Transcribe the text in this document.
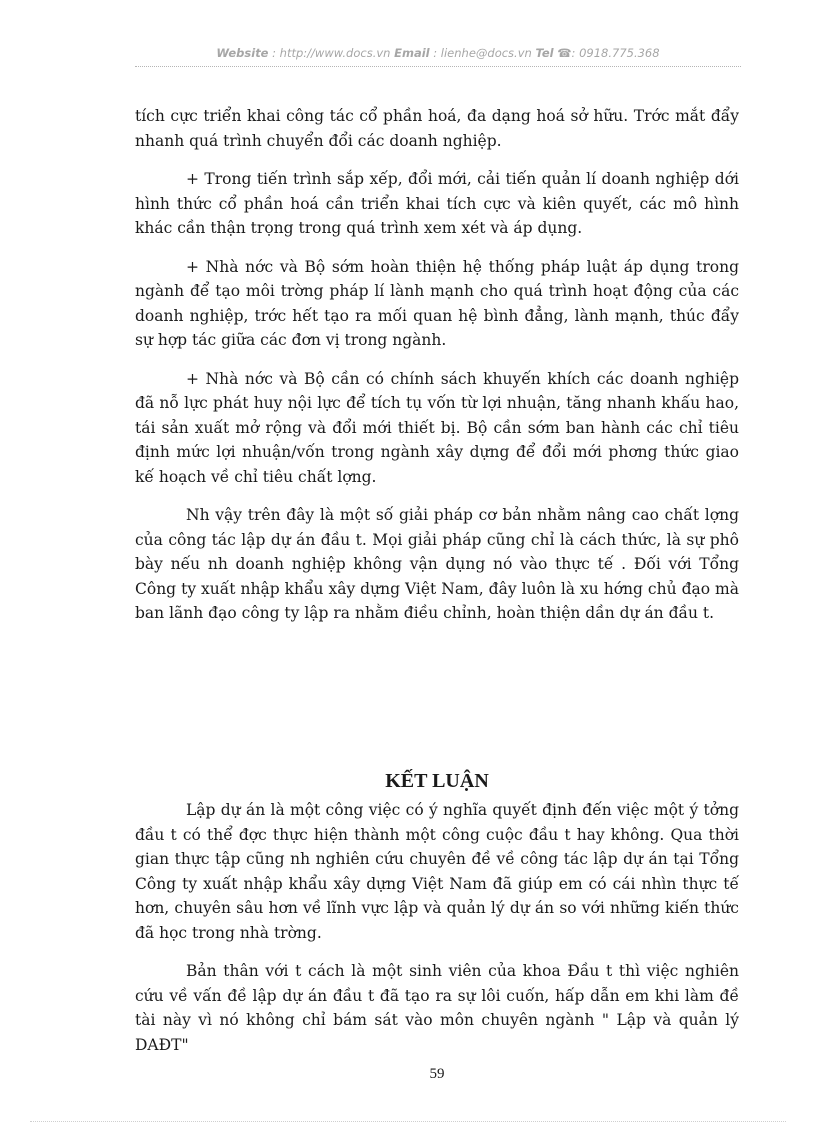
Website : http://www.docs.vn Email : lienhe@docs.vn Tel ☎: 0918.775.368

tích cực triển khai công tác cổ phần hoá, đa dạng hoá sở hữu. Trớc mắt đẩy nhanh quá trình chuyển đổi các doanh nghiệp.

+ Trong tiến trình sắp xếp, đổi mới, cải tiến quản lí doanh nghiệp dới hình thức cổ phần hoá cần triển khai tích cực và kiên quyết, các mô hình khác cần thận trọng trong quá trình xem xét và áp dụng.

+ Nhà nớc và Bộ sớm hoàn thiện hệ thống pháp luật áp dụng trong ngành để tạo môi trờng pháp lí lành mạnh cho quá trình hoạt động của các doanh nghiệp, trớc hết tạo ra mối quan hệ bình đẳng, lành mạnh, thúc đẩy sự hợp tác giữa các đơn vị trong ngành.

+ Nhà nớc và Bộ cần có chính sách khuyến khích các doanh nghiệp đã nỗ lực phát huy nội lực để tích tụ vốn từ lợi nhuận, tăng nhanh khấu hao, tái sản xuất mở rộng và đổi mới thiết bị. Bộ cần sớm ban hành các chỉ tiêu định mức lợi nhuận/vốn trong ngành xây dựng để đổi mới phơng thức giao kế hoạch về chỉ tiêu chất lợng.

Nh vậy trên đây là một số giải pháp cơ bản nhằm nâng cao chất lợng của công tác lập dự án đầu t. Mọi giải pháp cũng chỉ là cách thức, là sự phô bày nếu nh doanh nghiệp không vận dụng nó vào thực tế . Đối với Tổng Công ty xuất nhập khẩu xây dựng Việt Nam, đây luôn là xu hớng chủ đạo mà ban lãnh đạo công ty lập ra nhằm điều chỉnh, hoàn thiện dần dự án đầu t.

KẾT LUẬN

Lập dự án là một công việc có ý nghĩa quyết định đến việc một ý tởng đầu t có thể đợc thực hiện thành một công cuộc đầu t hay không. Qua thời gian thực tập cũng nh nghiên cứu chuyên đề về công tác lập dự án tại Tổng Công ty xuất nhập khẩu xây dựng Việt Nam đã giúp em có cái nhìn thực tế hơn, chuyên sâu hơn về lĩnh vực lập và quản lý dự án so với những kiến thức đã học trong nhà trờng.

Bản thân với t cách là một sinh viên của khoa Đầu t thì việc nghiên cứu về vấn đề lập dự án đầu t đã tạo ra sự lôi cuốn, hấp dẫn em khi làm đề tài này vì nó không chỉ bám sát vào môn chuyên ngành " Lập và quản lý DAĐT"

59
